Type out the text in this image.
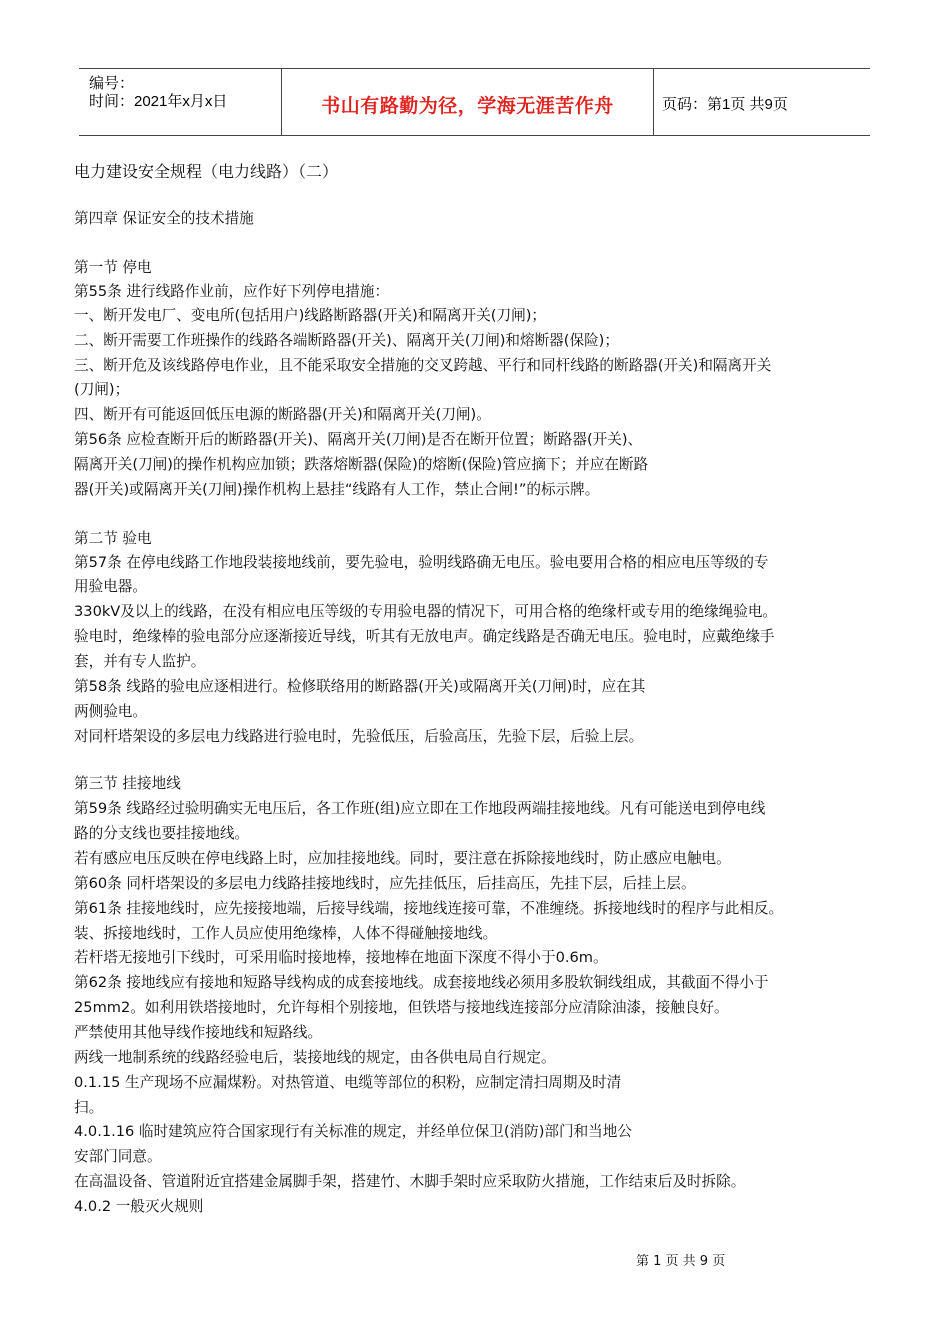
编号：
时间：2021年x月x日	书山有路勤为径，学海无涯苦作舟	页码：第1页 共9页
电力建设安全规程（电力线路）（二）
第四章 保证安全的技术措施
第一节 停电
第55条 进行线路作业前，应作好下列停电措施：
一、断开发电厂、变电所(包括用户)线路断路器(开关)和隔离开关(刀闸)；
二、断开需要工作班操作的线路各端断路器(开关)、隔离开关(刀闸)和熔断器(保险)；
三、断开危及该线路停电作业，且不能采取安全措施的交叉跨越、平行和同杆线路的断路器(开关)和隔离开关
(刀闸)；
四、断开有可能返回低压电源的断路器(开关)和隔离开关(刀闸)。
第56条 应检查断开后的断路器(开关)、隔离开关(刀闸)是否在断开位置；断路器(开关)、
隔离开关(刀闸)的操作机构应加锁；跌落熔断器(保险)的熔断(保险)管应摘下；并应在断路
器(开关)或隔离开关(刀闸)操作机构上悬挂“线路有人工作，禁止合闸!”的标示牌。
第二节 验电
第57条 在停电线路工作地段装接地线前，要先验电，验明线路确无电压。验电要用合格的相应电压等级的专
用验电器。
330kV及以上的线路，在没有相应电压等级的专用验电器的情况下，可用合格的绝缘杆或专用的绝缘绳验电。
验电时，绝缘棒的验电部分应逐渐接近导线，听其有无放电声。确定线路是否确无电压。验电时，应戴绝缘手
套，并有专人监护。
第58条 线路的验电应逐相进行。检修联络用的断路器(开关)或隔离开关(刀闸)时，应在其
两侧验电。
对同杆塔架设的多层电力线路进行验电时，先验低压，后验高压，先验下层，后验上层。
第三节 挂接地线
第59条 线路经过验明确实无电压后，各工作班(组)应立即在工作地段两端挂接地线。凡有可能送电到停电线
路的分支线也要挂接地线。
若有感应电压反映在停电线路上时，应加挂接地线。同时，要注意在拆除接地线时，防止感应电触电。
第60条 同杆塔架设的多层电力线路挂接地线时，应先挂低压，后挂高压，先挂下层，后挂上层。
第61条 挂接地线时，应先接接地端，后接导线端，接地线连接可靠，不准缠绕。拆接地线时的程序与此相反。
装、拆接地线时，工作人员应使用绝缘棒，人体不得碰触接地线。
若杆塔无接地引下线时，可采用临时接地棒，接地棒在地面下深度不得小于0.6m。
第62条 接地线应有接地和短路导线构成的成套接地线。成套接地线必须用多股软铜线组成，其截面不得小于
25mm2。如利用铁塔接地时，允许每相个别接地，但铁塔与接地线连接部分应清除油漆，接触良好。
严禁使用其他导线作接地线和短路线。
两线一地制系统的线路经验电后，装接地线的规定，由各供电局自行规定。
0.1.15 生产现场不应漏煤粉。对热管道、电缆等部位的积粉，应制定清扫周期及时清
扫。
4.0.1.16 临时建筑应符合国家现行有关标准的规定，并经单位保卫(消防)部门和当地公
安部门同意。
在高温设备、管道附近宜搭建金属脚手架，搭建竹、木脚手架时应采取防火措施，工作结束后及时拆除。
4.0.2 一般灭火规则
第 1 页 共 9 页
